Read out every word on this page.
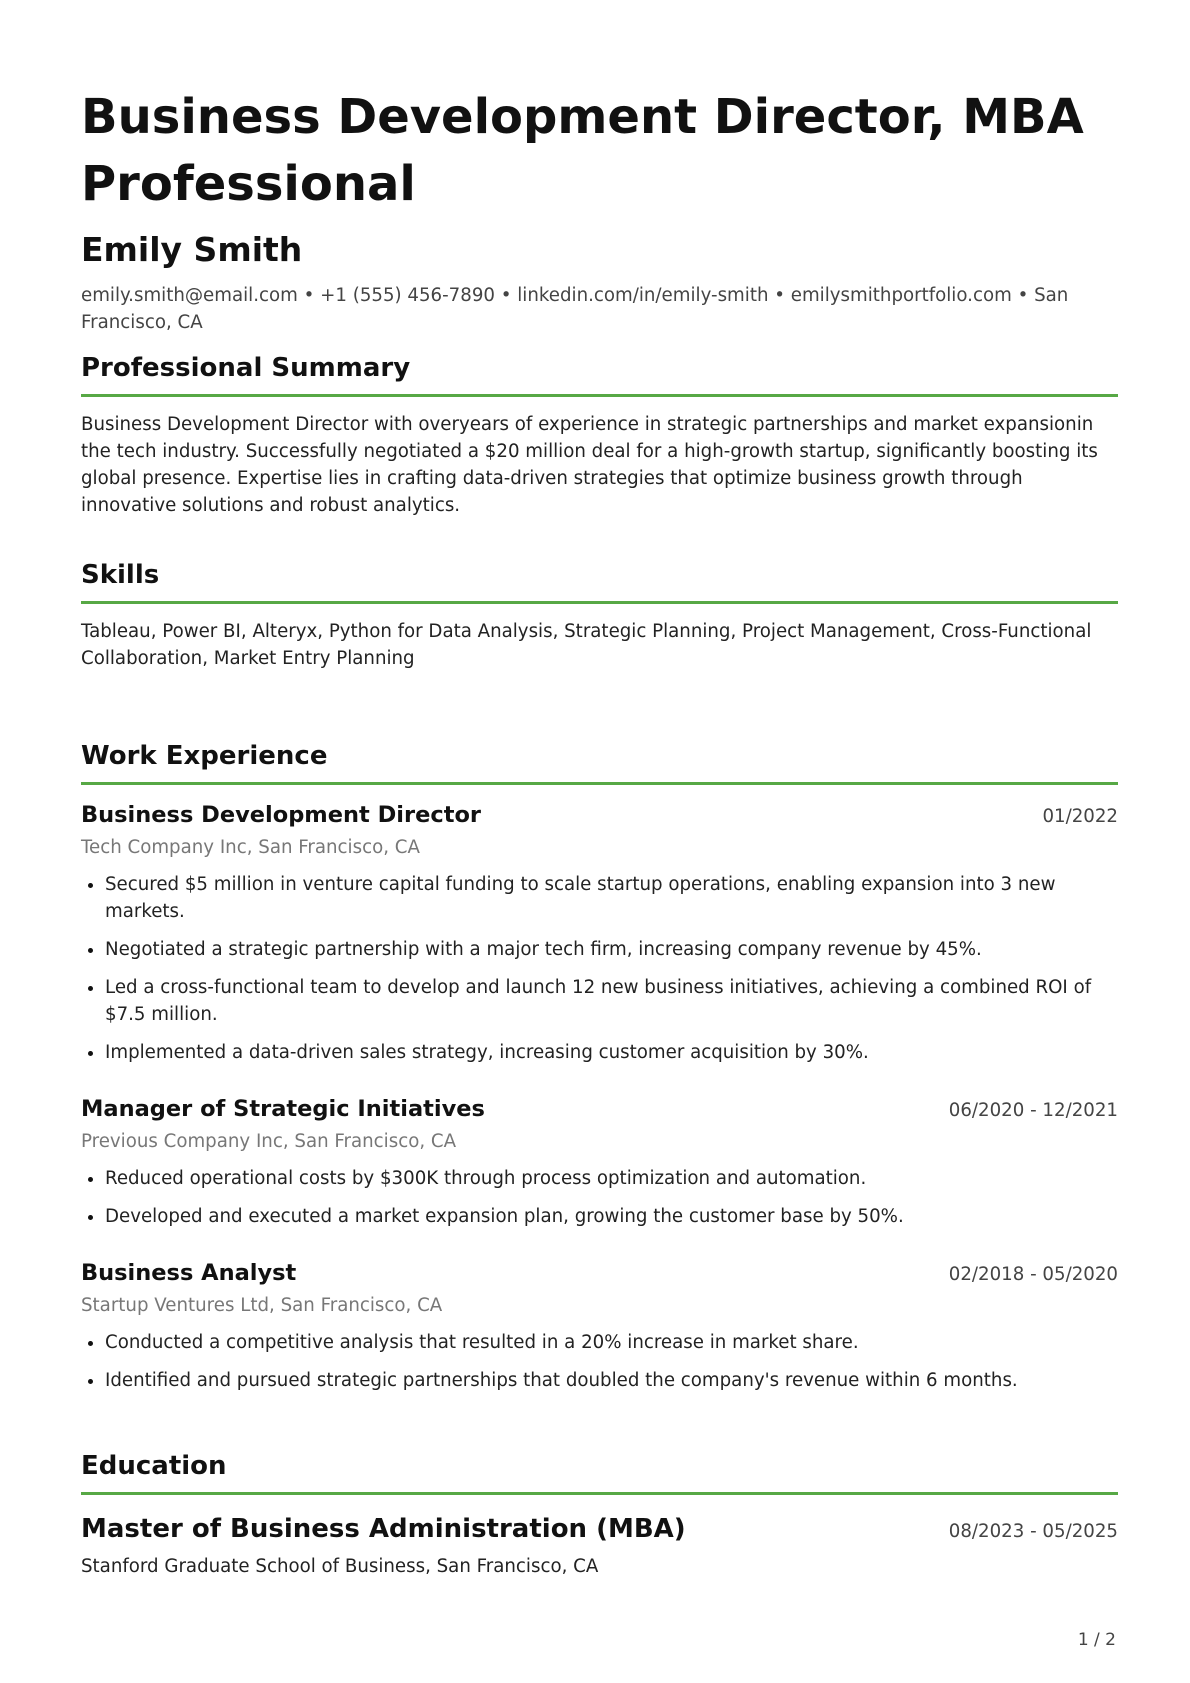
Business Development Director, MBA Professional
Emily Smith

emily.smith@email.com • +1 (555) 456-7890 • linkedin.com/in/emily-smith • emilysmithportfolio.com • San Francisco, CA

Professional Summary

Business Development Director with overyears of experience in strategic partnerships and market expansionin the tech industry. Successfully negotiated a $20 million deal for a high-growth startup, significantly boosting its global presence. Expertise lies in crafting data-driven strategies that optimize business growth through innovative solutions and robust analytics.

Skills

Tableau, Power BI, Alteryx, Python for Data Analysis, Strategic Planning, Project Management, Cross-Functional Collaboration, Market Entry Planning

Work Experience
Business Development Director	01/2022
Tech Company Inc, San Francisco, CA
Secured $5 million in venture capital funding to scale startup operations, enabling expansion into 3 new markets.
Negotiated a strategic partnership with a major tech firm, increasing company revenue by 45%.
Led a cross-functional team to develop and launch 12 new business initiatives, achieving a combined ROI of $7.5 million.
Implemented a data-driven sales strategy, increasing customer acquisition by 30%.
Manager of Strategic Initiatives	06/2020 - 12/2021
Previous Company Inc, San Francisco, CA
Reduced operational costs by $300K through process optimization and automation.
Developed and executed a market expansion plan, growing the customer base by 50%.
Business Analyst	02/2018 - 05/2020
Startup Ventures Ltd, San Francisco, CA
Conducted a competitive analysis that resulted in a 20% increase in market share.
Identified and pursued strategic partnerships that doubled the company's revenue within 6 months.
Education
Master of Business Administration (MBA)	08/2023 - 05/2025
Stanford Graduate School of Business, San Francisco, CA
1 / 2
